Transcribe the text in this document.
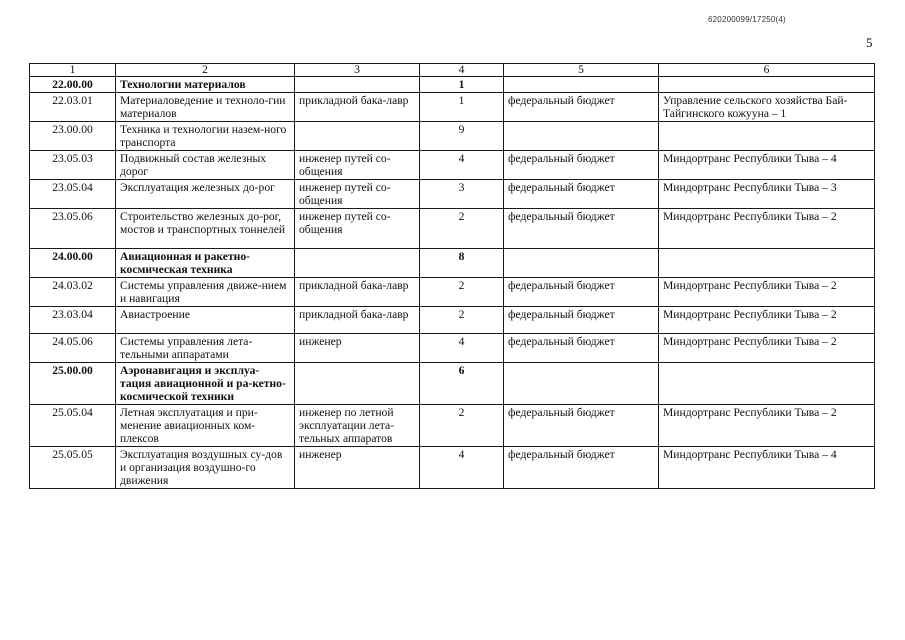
620200099/17250(4)
5
1	2	3	4	5	6
22.00.00	Технологии материалов		1		
22.03.01	Материаловедение и техноло-гии материалов	прикладной бака-лавр	1	федеральный бюджет	Управление сельского хозяйства Бай-Тайгинского кожууна – 1
23.00.00	Техника и технологии назем-ного транспорта		9		
23.05.03	Подвижный состав железных дорог	инженер путей со-общения	4	федеральный бюджет	Миндортранс Республики Тыва – 4
23.05.04	Эксплуатация железных до-рог	инженер путей со-общения	3	федеральный бюджет	Миндортранс Республики Тыва – 3
23.05.06	Строительство железных до-рог, мостов и транспортных тоннелей	инженер путей со-общения	2	федеральный бюджет	Миндортранс Республики Тыва – 2
24.00.00	Авиационная и ракетно-космическая техника		8		
24.03.02	Системы управления движе-нием и навигация	прикладной бака-лавр	2	федеральный бюджет	Миндортранс Республики Тыва – 2
23.03.04	Авиастроение	прикладной бака-лавр	2	федеральный бюджет	Миндортранс Республики Тыва – 2
24.05.06	Системы управления лета-тельными аппаратами	инженер	4	федеральный бюджет	Миндортранс Республики Тыва – 2
25.00.00	Аэронавигация и эксплуа-тация авиационной и ра-кетно-космической техники		6		
25.05.04	Летная эксплуатация и при-менение авиационных ком-плексов	инженер по летной эксплуатации лета-тельных аппаратов	2	федеральный бюджет	Миндортранс Республики Тыва – 2
25.05.05	Эксплуатация воздушных су-дов и организация воздушно-го движения	инженер	4	федеральный бюджет	Миндортранс Республики Тыва – 4
